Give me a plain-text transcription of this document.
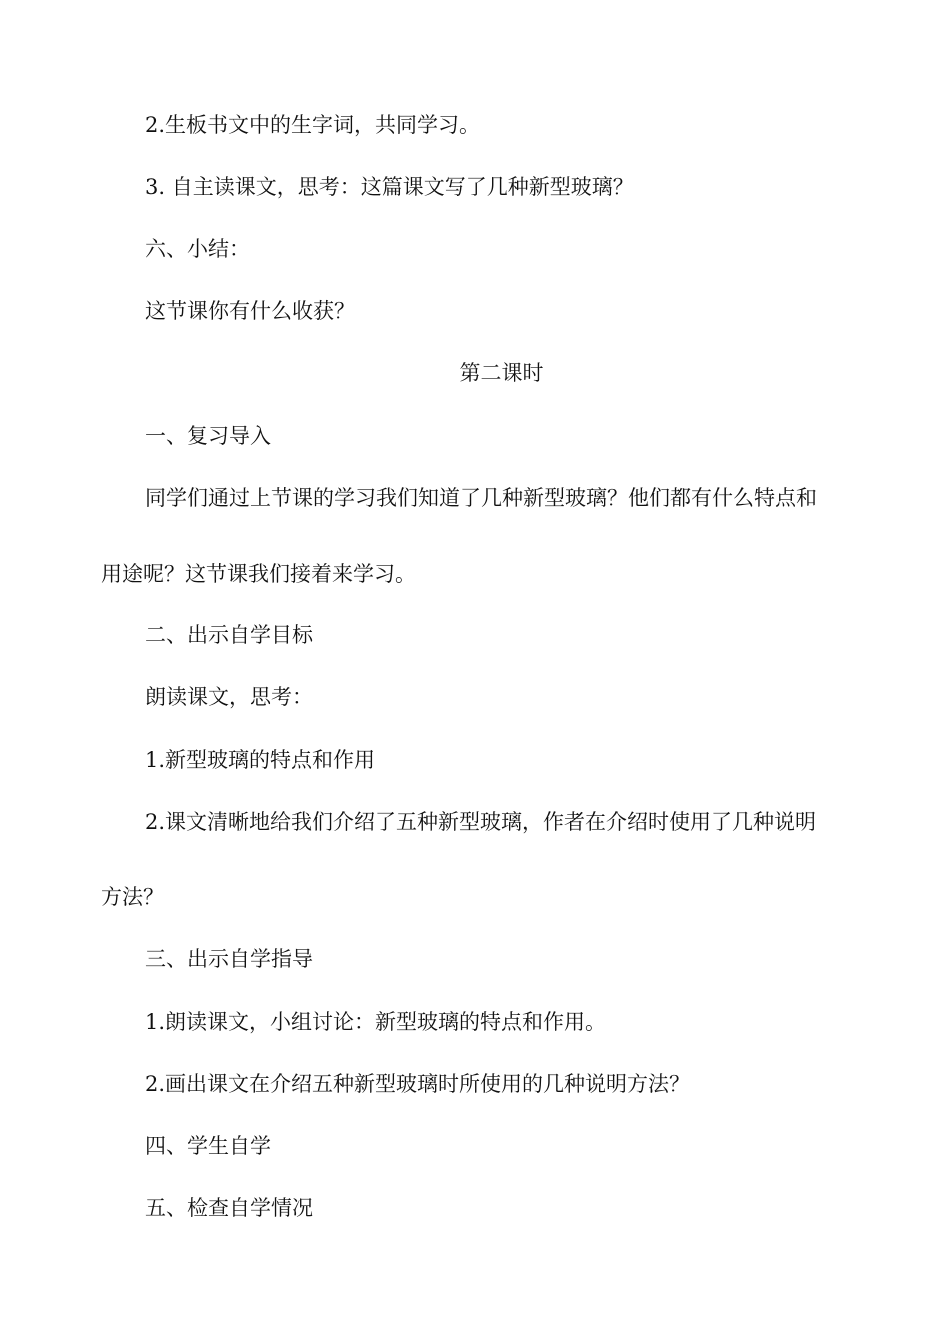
2.生板书文中的生字词，共同学习。
3. 自主读课文，思考：这篇课文写了几种新型玻璃？
六、小结：
这节课你有什么收获？
第二课时
一、复习导入
同学们通过上节课的学习我们知道了几种新型玻璃？他们都有什么特点和
用途呢？这节课我们接着来学习。
二、出示自学目标
朗读课文，思考：
1.新型玻璃的特点和作用
2.课文清晰地给我们介绍了五种新型玻璃，作者在介绍时使用了几种说明
方法？
三、出示自学指导
1.朗读课文，小组讨论：新型玻璃的特点和作用。
2.画出课文在介绍五种新型玻璃时所使用的几种说明方法？
四、学生自学
五、检查自学情况
